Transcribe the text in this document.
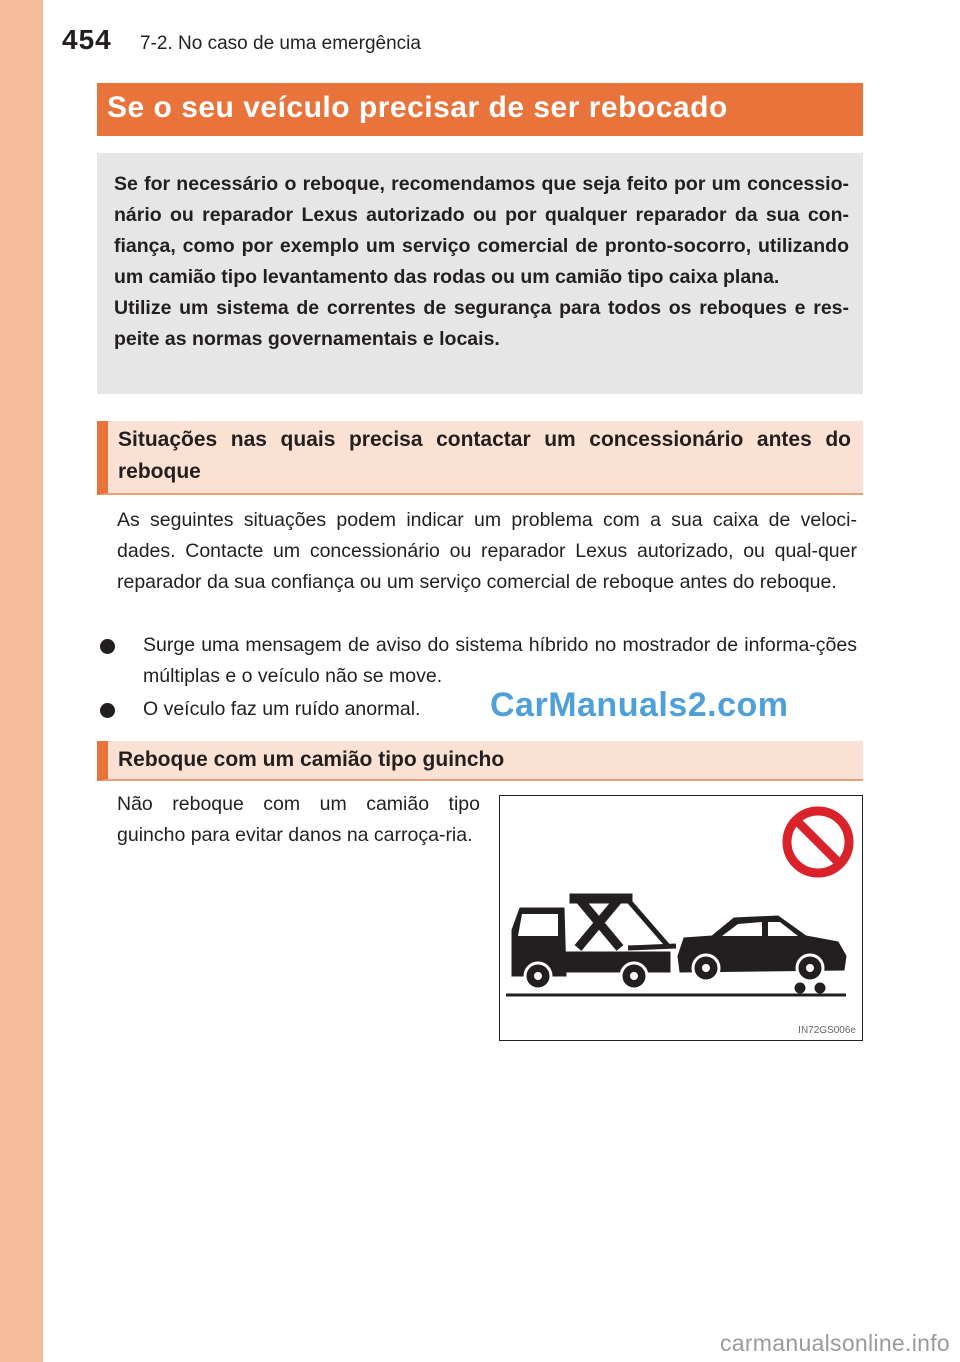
454 7-2. No caso de uma emergência
Se o seu veículo precisar de ser rebocado

Se for necessário o reboque, recomendamos que seja feito por um concessio-nário ou reparador Lexus autorizado ou por qualquer reparador da sua con-fiança, como por exemplo um serviço comercial de pronto-socorro, utilizando um camião tipo levantamento das rodas ou um camião tipo caixa plana.

Utilize um sistema de correntes de segurança para todos os reboques e res-peite as normas governamentais e locais.

Situações nas quais precisa contactar um concessionário antes do reboque

As seguintes situações podem indicar um problema com a sua caixa de veloci-dades. Contacte um concessionário ou reparador Lexus autorizado, ou qual-quer reparador da sua confiança ou um serviço comercial de reboque antes do reboque.

Surge uma mensagem de aviso do sistema híbrido no mostrador de informa-ções múltiplas e o veículo não se move.
O veículo faz um ruído anormal.	CarManuals2.com
Reboque com um camião tipo guincho

Não reboque com um camião tipo guincho para evitar danos na carroça-ria.

IN72GS006e
carmanualsonline.info
